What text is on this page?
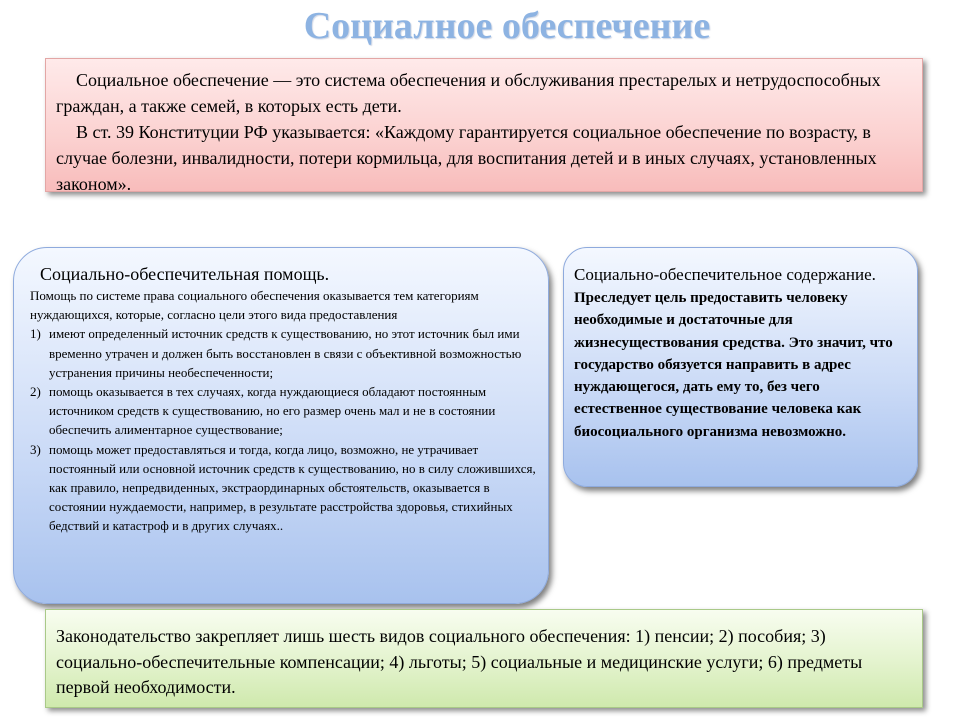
Социалное обеспечение

Социальное обеспечение — это система обеспечения и обслуживания престарелых и нетрудоспособных граждан, а также семей, в которых есть дети.

В ст. 39 Конституции РФ указывается: «Каждому гарантируется социальное обеспечение по возрасту, в случае болезни, инвалидности, потери кормильца, для воспитания детей и в иных случаях, установленных законом».

Социально-обеспечительная помощь.
Помощь по системе права социального обеспечения оказывается тем категориям нуждающихся, которые, согласно цели этого вида предоставления
1) имеют определенный источник средств к существованию, но этот источник был ими временно утрачен и должен быть восстановлен в связи с объективной возможностью устранения причины необеспеченности;
2) помощь оказывается в тех случаях, когда нуждающиеся обладают постоянным источником средств к существованию, но его размер очень мал и не в состоянии обеспечить алиментарное существование;
3) помощь может предоставляться и тогда, когда лицо, возможно, не утрачивает постоянный или основной источник средств к существованию, но в силу сложившихся, как правило, непредвиденных, экстраординарных обстоятельств, оказывается в состоянии нуждаемости, например, в результате расстройства здоровья, стихийных бедствий и катастроф и в других случаях..
Социально-обеспечительное содержание.
Преследует цель предоставить человеку необходимые и достаточные для жизнесуществования средства. Это значит, что государство обязуется направить в адрес нуждающегося, дать ему то, без чего естественное существование человека как биосоциального организма невозможно.
Законодательство закрепляет лишь шесть видов социального обеспечения: 1) пенсии; 2) пособия; 3) социально-обеспечительные компенсации; 4) льготы; 5) социальные и медицинские услуги; 6) предметы первой необходимости.
